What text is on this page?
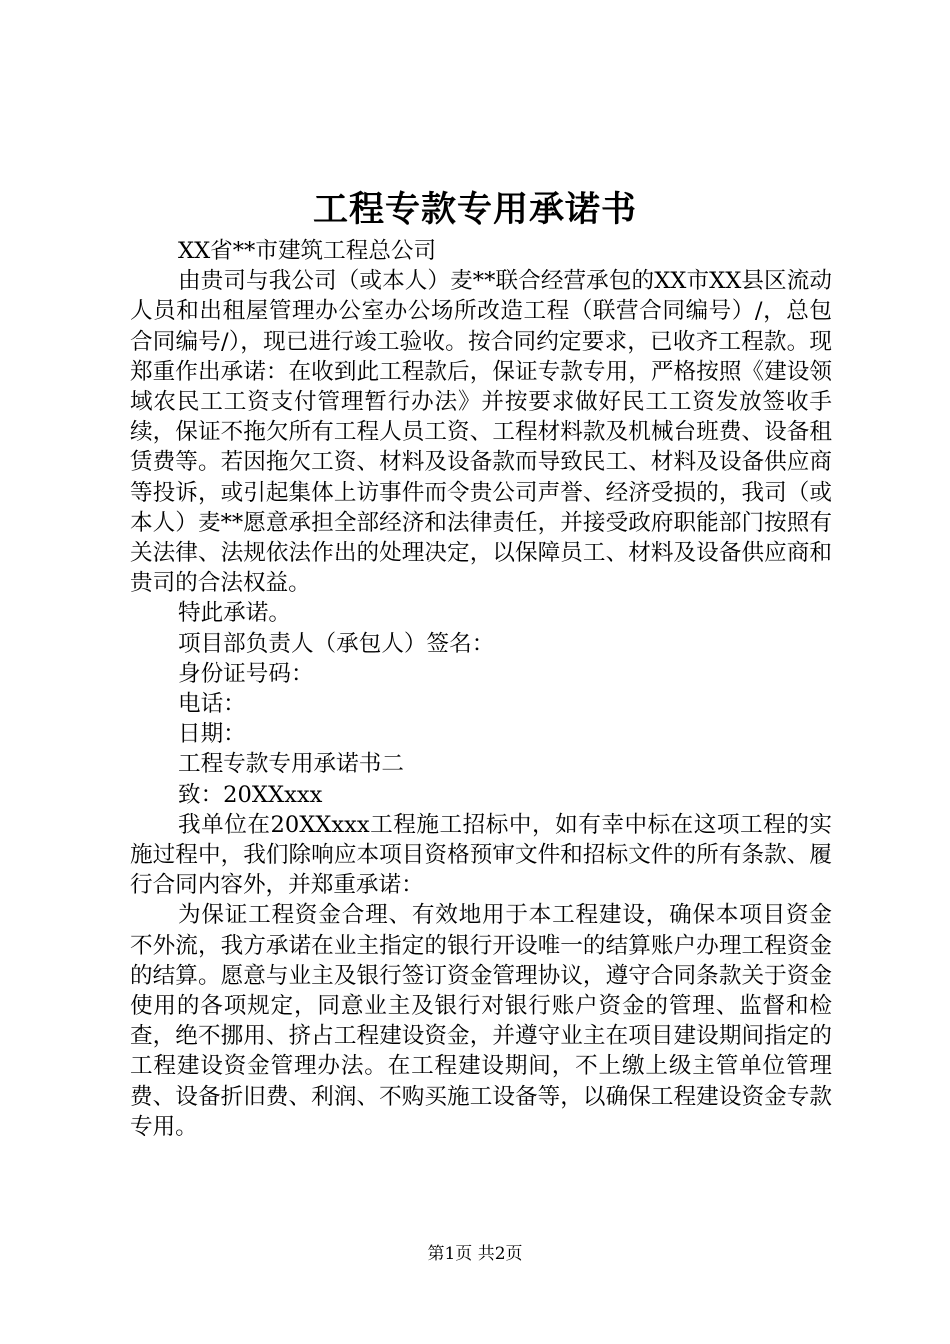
工程专款专用承诺书

XX省**市建筑工程总公司

由贵司与我公司（或本人）麦**联合经营承包的XX市XX县区流动人员和出租屋管理办公室办公场所改造工程（联营合同编号）/，总包合同编号/），现已进行竣工验收。按合同约定要求，已收齐工程款。现郑重作出承诺：在收到此工程款后，保证专款专用，严格按照《建设领域农民工工资支付管理暂行办法》并按要求做好民工工资发放签收手续，保证不拖欠所有工程人员工资、工程材料款及机械台班费、设备租赁费等。若因拖欠工资、材料及设备款而导致民工、材料及设备供应商等投诉，或引起集体上访事件而令贵公司声誉、经济受损的，我司（或本人）麦**愿意承担全部经济和法律责任，并接受政府职能部门按照有关法律、法规依法作出的处理决定，以保障员工、材料及设备供应商和贵司的合法权益。

特此承诺。

项目部负责人（承包人）签名：

身份证号码：

电话：

日期：

工程专款专用承诺书二

致：20XXxxx

我单位在20XXxxx工程施工招标中，如有幸中标在这项工程的实施过程中，我们除响应本项目资格预审文件和招标文件的所有条款、履行合同内容外，并郑重承诺：

为保证工程资金合理、有效地用于本工程建设，确保本项目资金不外流，我方承诺在业主指定的银行开设唯一的结算账户办理工程资金的结算。愿意与业主及银行签订资金管理协议，遵守合同条款关于资金使用的各项规定，同意业主及银行对银行账户资金的管理、监督和检查，绝不挪用、挤占工程建设资金，并遵守业主在项目建设期间指定的工程建设资金管理办法。在工程建设期间，不上缴上级主管单位管理费、设备折旧费、利润、不购买施工设备等，以确保工程建设资金专款专用。

第1页 共2页
